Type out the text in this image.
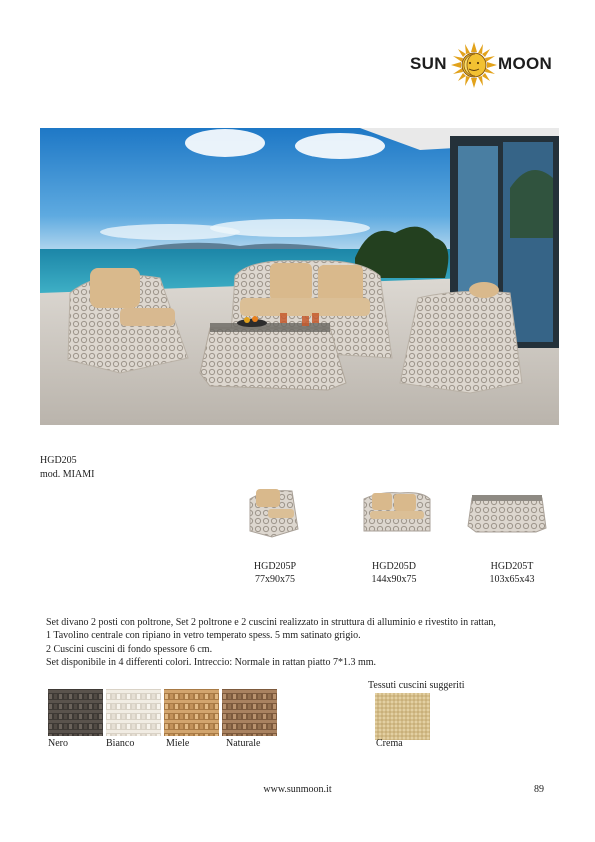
SUN	MOON
HGD205
mod. MIAMI
HGD205P
77x90x75
HGD205D
144x90x75
HGD205T
103x65x43
Set divano 2 posti con poltrone, Set 2 poltrone e 2 cuscini realizzato in struttura di alluminio e rivestito in rattan,
1 Tavolino centrale con ripiano in vetro temperato spess. 5 mm satinato grigio.
2 Cuscini cuscini di fondo spessore 6 cm.
Set disponibile in 4 differenti colori. Intreccio: Normale in rattan piatto 7*1.3 mm.
Nero	Bianco	Miele	Naturale
Tessuti cuscini suggeriti
Crema
www.sunmoon.it	89
